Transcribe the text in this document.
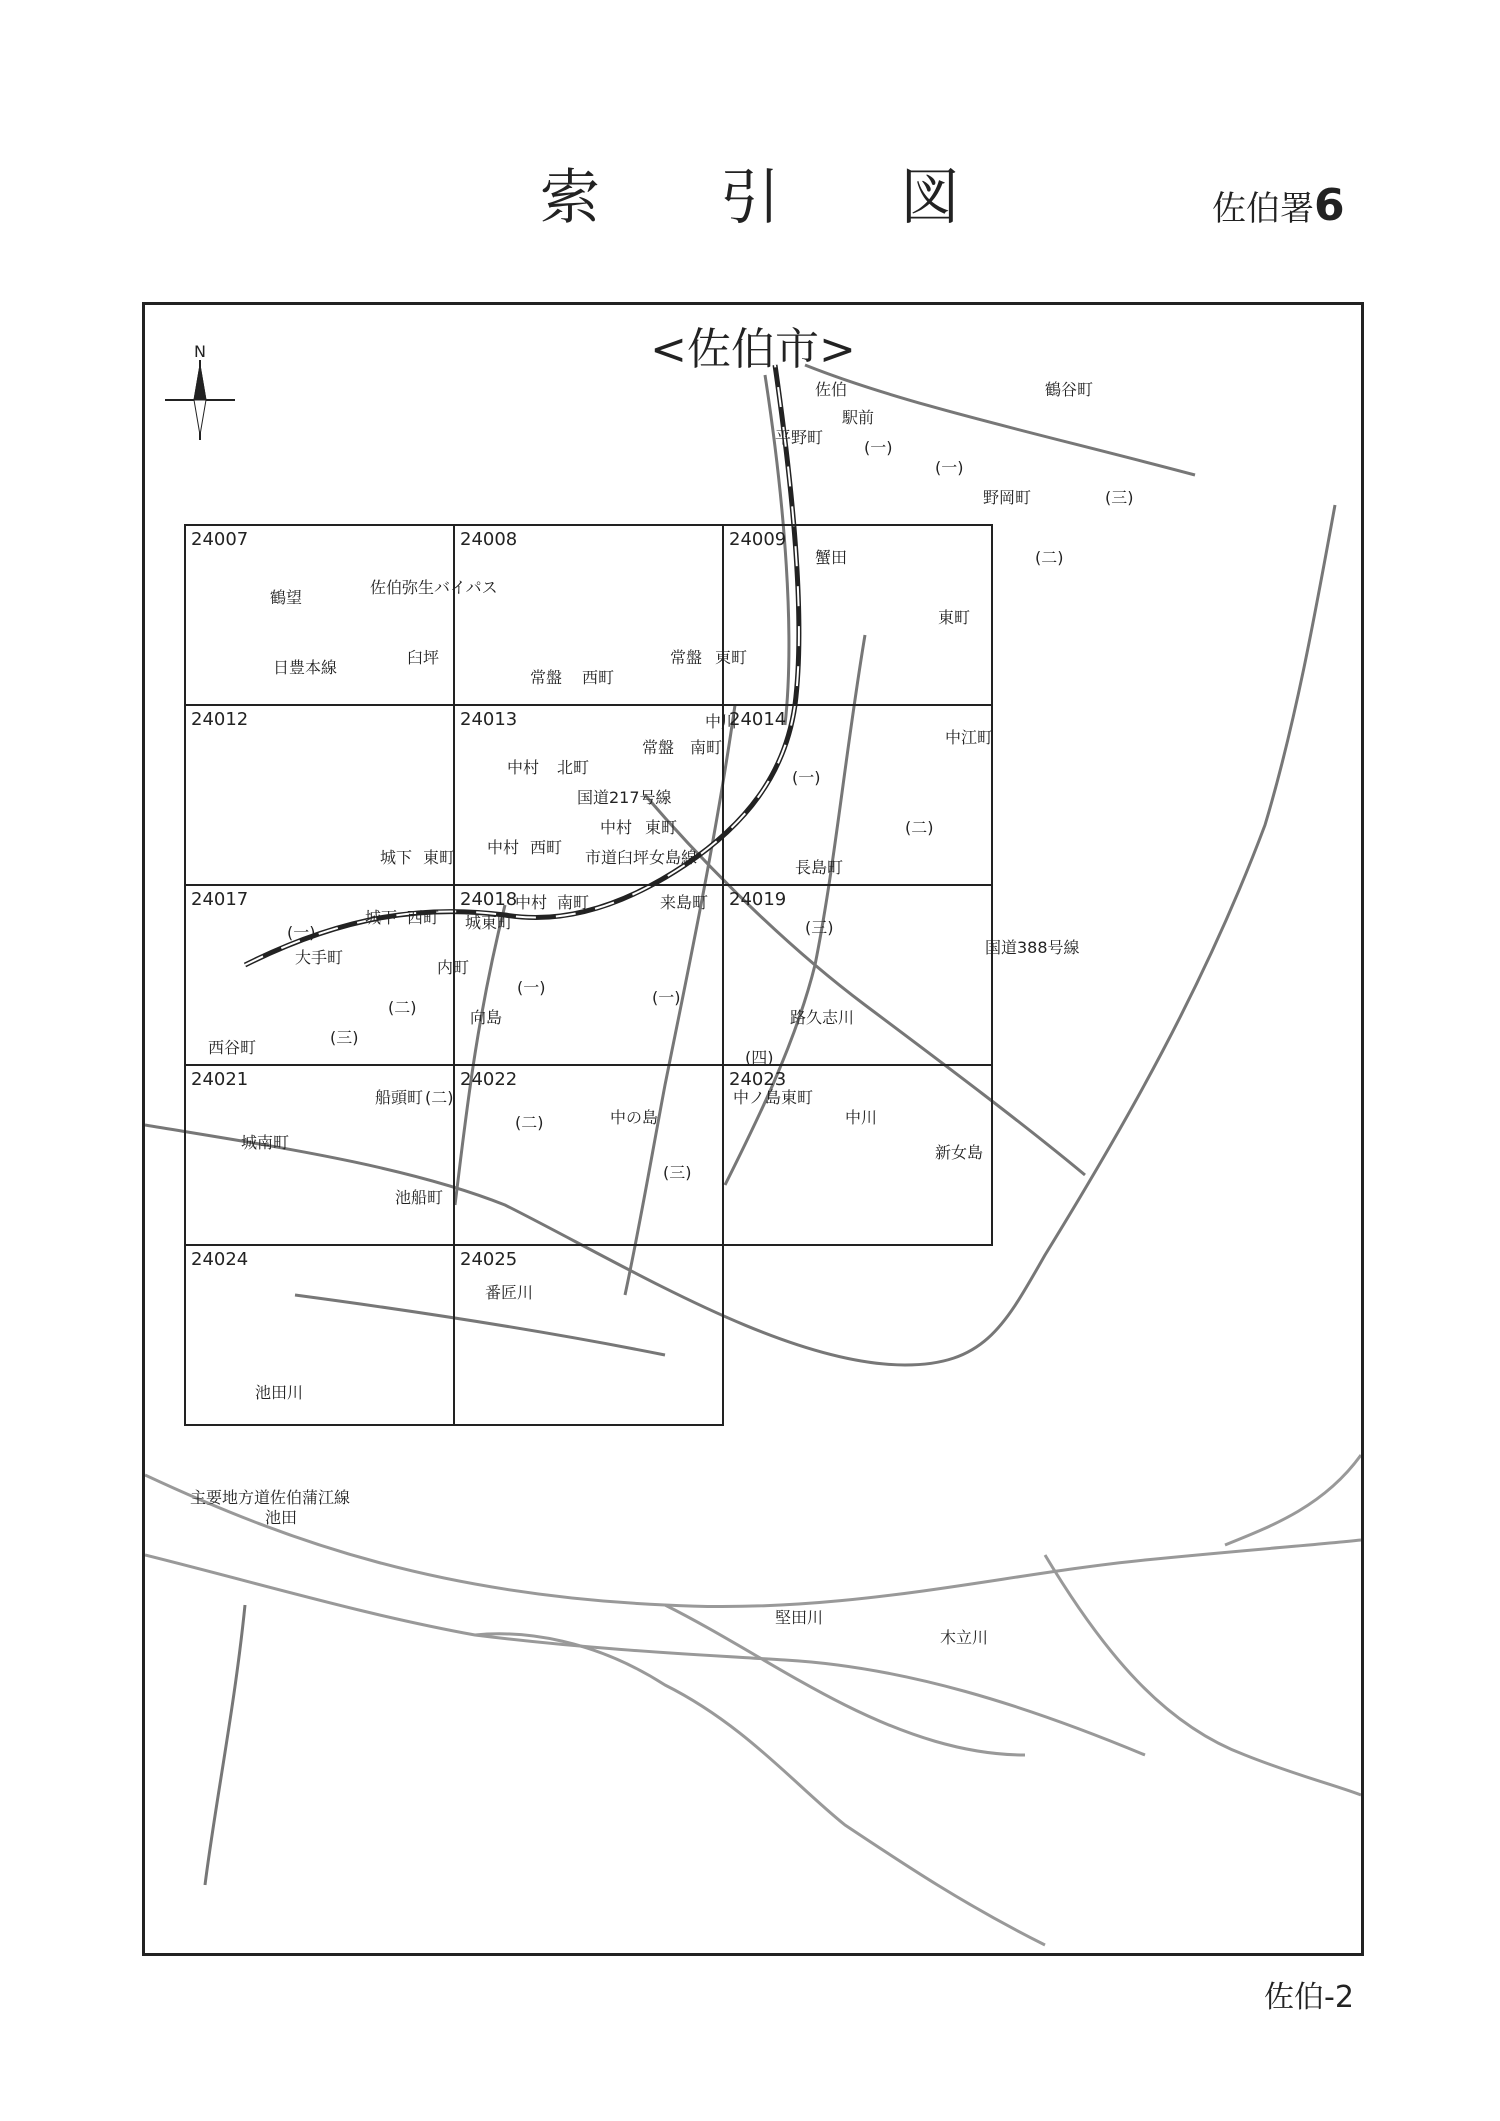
索 引 図	佐伯署6
24007	24008	24009
24012	24013	24014
24017	24018	24019
24021	24022	24023
24024	24025
N
佐伯
駅前
平野町
(一)
鶴谷町
(一)
野岡町	(三)
蟹田	(二)
東町
鶴望
佐伯弥生バイパス
臼坪
日豊本線
常盤 西町
常盤 東町
中川
中江町
常盤 南町
中村 北町
国道217号線
(一)
(二)
中村 東町
城下 東町
中村 西町
市道臼坪女島線
長島町
中村 南町	来島町
(三)
城下 西町 城東町
(一)
大手町
内町
(一)
(一)
(二)
路久志川
向島
西谷町
(三)
(四)
船頭町 (二)
中の島
中ノ島東町
中川
(二)
城南町
新女島
(三)
池船町
国道388号線
番匠川
池田川
主要地方道佐伯蒲江線
池田
堅田川
木立川
<佐伯市>
佐伯-2
